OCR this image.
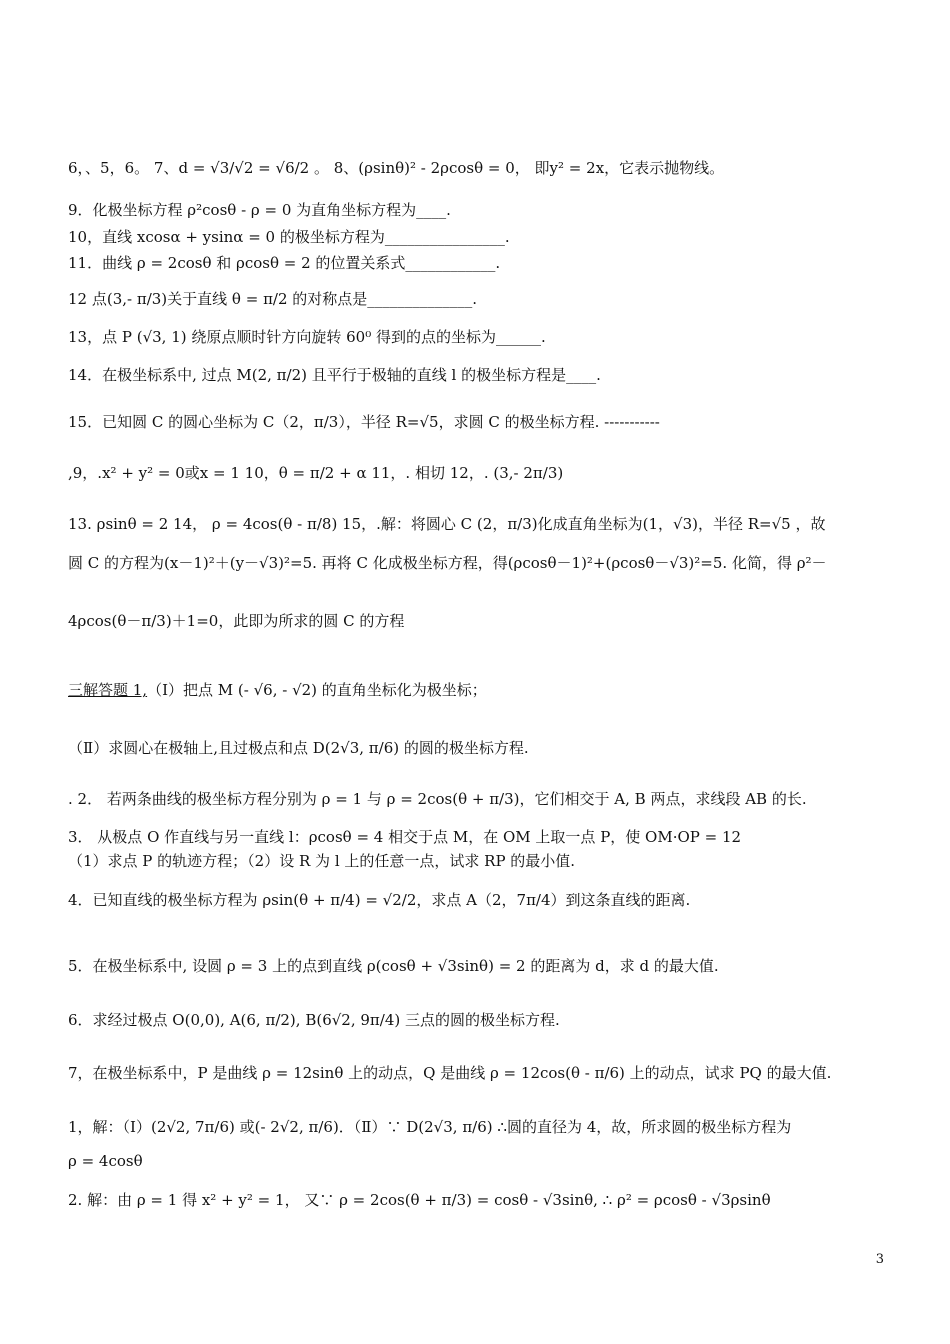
6，、5，6。 7、d = √3/√2 = √6/2 。 8、(ρsinθ)² - 2ρcosθ = 0， 即y² = 2x，它表示抛物线。
9．化极坐标方程 ρ²cosθ - ρ = 0 为直角坐标方程为____.
10，直线 xcosα + ysinα = 0 的极坐标方程为________________.
11．曲线 ρ = 2cosθ 和 ρcosθ = 2 的位置关系式____________.
12 点(3,- π/3)关于直线 θ = π/2 的对称点是______________.
13，点 P (√3, 1) 绕原点顺时针方向旋转 60⁰ 得到的点的坐标为______.
14．在极坐标系中, 过点 M(2, π/2) 且平行于极轴的直线 l 的极坐标方程是____.
15．已知圆 C 的圆心坐标为 C（2，π/3），半径 R=√5，求圆 C 的极坐标方程. -----------
,9，.x² + y² = 0或x = 1 10，θ = π/2 + α 11，. 相切 12，. (3,- 2π/3)
13. ρsinθ = 2 14， ρ = 4cos(θ - π/8) 15，.解：将圆心 C (2，π/3)化成直角坐标为(1，√3)，半径 R=√5 ，故
圆 C 的方程为(x－1)²＋(y－√3)²=5. 再将 C 化成极坐标方程，得(ρcosθ－1)²+(ρcosθ－√3)²=5. 化简，得 ρ²－
4ρcos(θ－π/3)＋1=0，此即为所求的圆 C 的方程
三解答题 1,（Ⅰ）把点 M (- √6, - √2) 的直角坐标化为极坐标；
（Ⅱ）求圆心在极轴上,且过极点和点 D(2√3, π/6) 的圆的极坐标方程.
. 2． 若两条曲线的极坐标方程分别为 ρ = 1 与 ρ = 2cos(θ + π/3)，它们相交于 A, B 两点，求线段 AB 的长.
3． 从极点 O 作直线与另一直线 l：ρcosθ = 4 相交于点 M，在 OM 上取一点 P，使 OM·OP = 12
（1）求点 P 的轨迹方程；（2）设 R 为 l 上的任意一点，试求 RP 的最小值.
4．已知直线的极坐标方程为 ρsin(θ + π/4) = √2/2，求点 A（2，7π/4）到这条直线的距离.
5．在极坐标系中, 设圆 ρ = 3 上的点到直线 ρ(cosθ + √3sinθ) = 2 的距离为 d，求 d 的最大值.
6．求经过极点 O(0,0), A(6, π/2), B(6√2, 9π/4) 三点的圆的极坐标方程.
7，在极坐标系中，P 是曲线 ρ = 12sinθ 上的动点，Q 是曲线 ρ = 12cos(θ - π/6) 上的动点，试求 PQ 的最大值.
1，解：（Ⅰ）(2√2, 7π/6) 或(- 2√2, π/6)．（Ⅱ）∵ D(2√3, π/6) ∴圆的直径为 4，故，所求圆的极坐标方程为
ρ = 4cosθ
2. 解：由 ρ = 1 得 x² + y² = 1， 又∵ ρ = 2cos(θ + π/3) = cosθ - √3sinθ, ∴ ρ² = ρcosθ - √3ρsinθ
3
